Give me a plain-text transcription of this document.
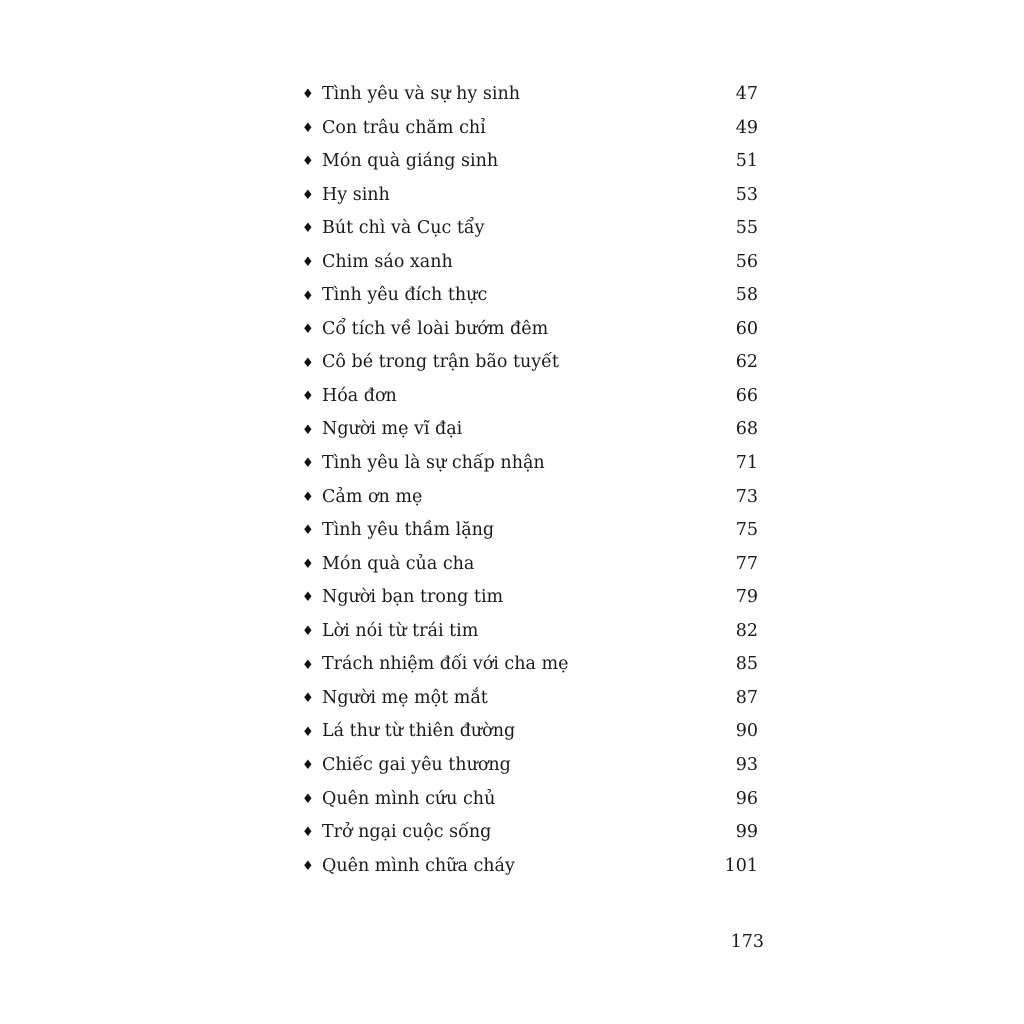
♦ Tình yêu và sự hy sinh	47
♦ Con trâu chăm chỉ	49
♦ Món quà giáng sinh	51
♦ Hy sinh	53
♦ Bút chì và Cục tẩy	55
♦ Chim sáo xanh	56
♦ Tình yêu đích thực	58
♦ Cổ tích về loài bướm đêm	60
♦ Cô bé trong trận bão tuyết	62
♦ Hóa đơn	66
♦ Người mẹ vĩ đại	68
♦ Tình yêu là sự chấp nhận	71
♦ Cảm ơn mẹ	73
♦ Tình yêu thầm lặng	75
♦ Món quà của cha	77
♦ Người bạn trong tim	79
♦ Lời nói từ trái tim	82
♦ Trách nhiệm đối với cha mẹ	85
♦ Người mẹ một mắt	87
♦ Lá thư từ thiên đường	90
♦ Chiếc gai yêu thương	93
♦ Quên mình cứu chủ	96
♦ Trở ngại cuộc sống	99
♦ Quên mình chữa cháy	101
173
